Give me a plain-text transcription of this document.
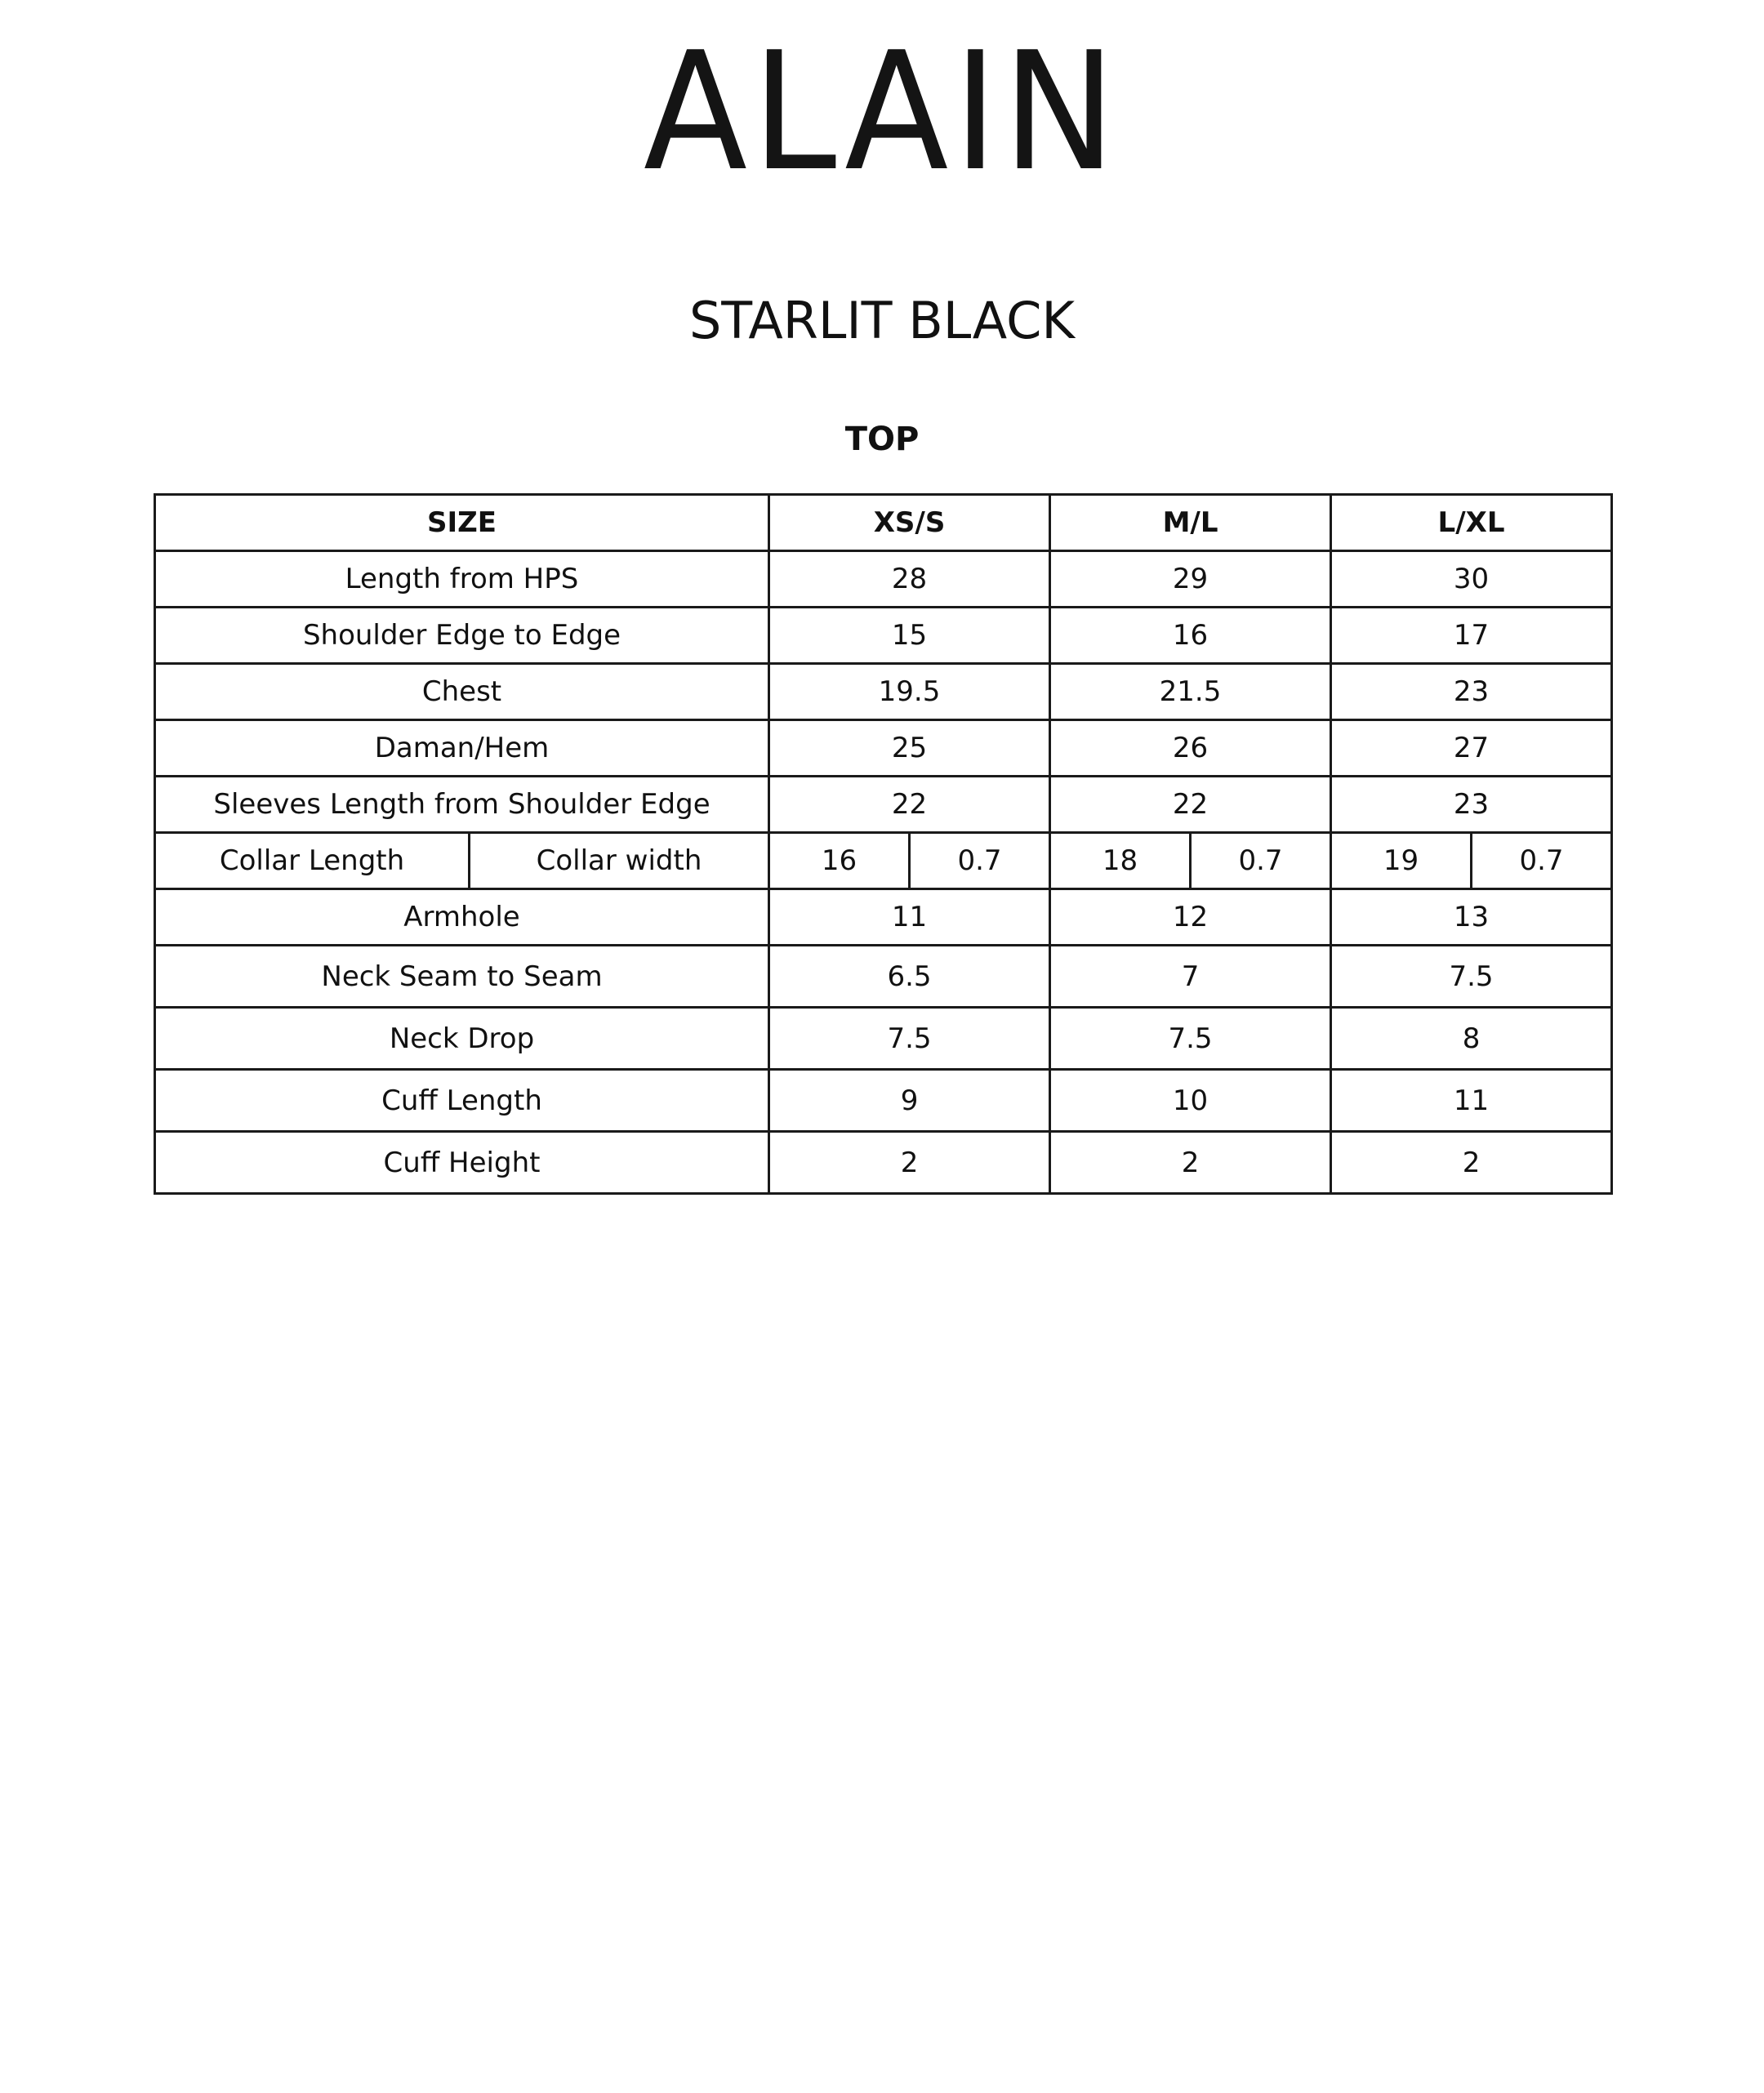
ALAIN
STARLIT BLACK
TOP
SIZE		XS/S		M/L		L/XL	
Length from HPS		28		29		30	
Shoulder Edge to Edge		15		16		17	
Chest		19.5		21.5		23	
Daman/Hem		25		26		27	
Sleeves Length from Shoulder Edge		22		22		23	
Collar Length	Collar width	16	0.7	18	0.7	19	0.7
Armhole		11		12		13	
Neck Seam to Seam		6.5		7		7.5	
Neck Drop		7.5		7.5		8	
Cuff Length		9		10		11	
Cuff Height		2		2		2	
